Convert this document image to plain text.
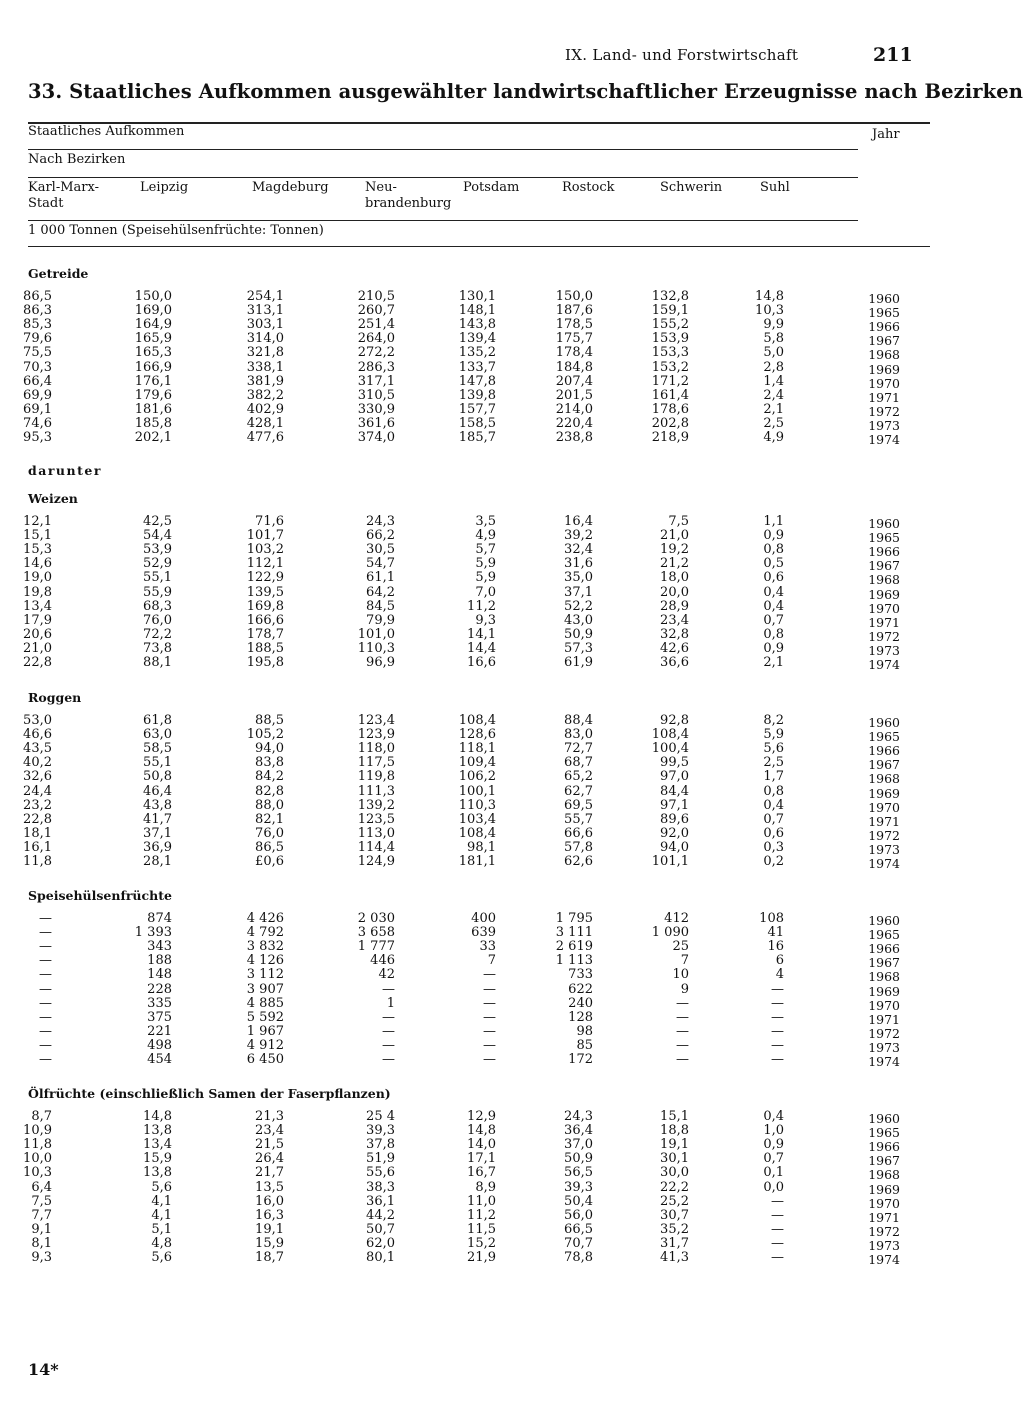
IX. Land- und Forstwirtschaft	211
33. Staatliches Aufkommen ausgewählter landwirtschaftlicher Erzeugnisse nach Bezirken
Staatliches Aufkommen	Jahr
Nach Bezirken
Karl-Marx-
Stadt
Leipzig	Magdeburg	Neu-
brandenburg
Potsdam	Rostock	Schwerin	Suhl
1 000 Tonnen (Speisehülsenfrüchte: Tonnen)
darunter
Getreide
86,5	150,0	254,1	210,5	130,1	150,0	132,8	14,8	1960
86,3	169,0	313,1	260,7	148,1	187,6	159,1	10,3	1965
85,3	164,9	303,1	251,4	143,8	178,5	155,2	9,9	1966
79,6	165,9	314,0	264,0	139,4	175,7	153,9	5,8	1967
75,5	165,3	321,8	272,2	135,2	178,4	153,3	5,0	1968
70,3	166,9	338,1	286,3	133,7	184,8	153,2	2,8	1969
66,4	176,1	381,9	317,1	147,8	207,4	171,2	1,4	1970
69,9	179,6	382,2	310,5	139,8	201,5	161,4	2,4	1971
69,1	181,6	402,9	330,9	157,7	214,0	178,6	2,1	1972
74,6	185,8	428,1	361,6	158,5	220,4	202,8	2,5	1973
95,3	202,1	477,6	374,0	185,7	238,8	218,9	4,9	1974
Weizen
12,1	42,5	71,6	24,3	3,5	16,4	7,5	1,1	1960
15,1	54,4	101,7	66,2	4,9	39,2	21,0	0,9	1965
15,3	53,9	103,2	30,5	5,7	32,4	19,2	0,8	1966
14,6	52,9	112,1	54,7	5,9	31,6	21,2	0,5	1967
19,0	55,1	122,9	61,1	5,9	35,0	18,0	0,6	1968
19,8	55,9	139,5	64,2	7,0	37,1	20,0	0,4	1969
13,4	68,3	169,8	84,5	11,2	52,2	28,9	0,4	1970
17,9	76,0	166,6	79,9	9,3	43,0	23,4	0,7	1971
20,6	72,2	178,7	101,0	14,1	50,9	32,8	0,8	1972
21,0	73,8	188,5	110,3	14,4	57,3	42,6	0,9	1973
22,8	88,1	195,8	96,9	16,6	61,9	36,6	2,1	1974
Roggen
53,0	61,8	88,5	123,4	108,4	88,4	92,8	8,2	1960
46,6	63,0	105,2	123,9	128,6	83,0	108,4	5,9	1965
43,5	58,5	94,0	118,0	118,1	72,7	100,4	5,6	1966
40,2	55,1	83,8	117,5	109,4	68,7	99,5	2,5	1967
32,6	50,8	84,2	119,8	106,2	65,2	97,0	1,7	1968
24,4	46,4	82,8	111,3	100,1	62,7	84,4	0,8	1969
23,2	43,8	88,0	139,2	110,3	69,5	97,1	0,4	1970
22,8	41,7	82,1	123,5	103,4	55,7	89,6	0,7	1971
18,1	37,1	76,0	113,0	108,4	66,6	92,0	0,6	1972
16,1	36,9	86,5	114,4	98,1	57,8	94,0	0,3	1973
11,8	28,1	£0,6	124,9	181,1	62,6	101,1	0,2	1974
Speisehülsenfrüchte
—	874	4 426	2 030	400	1 795	412	108	1960
—	1 393	4 792	3 658	639	3 111	1 090	41	1965
—	343	3 832	1 777	33	2 619	25	16	1966
—	188	4 126	446	7	1 113	7	6	1967
—	148	3 112	42	—	733	10	4	1968
—	228	3 907	—	—	622	9	—	1969
—	335	4 885	1	—	240	—	—	1970
—	375	5 592	—	—	128	—	—	1971
—	221	1 967	—	—	98	—	—	1972
—	498	4 912	—	—	85	—	—	1973
—	454	6 450	—	—	172	—	—	1974
Ölfrüchte (einschließlich Samen der Faserpflanzen)
8,7	14,8	21,3	25 4	12,9	24,3	15,1	0,4	1960
10,9	13,8	23,4	39,3	14,8	36,4	18,8	1,0	1965
11,8	13,4	21,5	37,8	14,0	37,0	19,1	0,9	1966
10,0	15,9	26,4	51,9	17,1	50,9	30,1	0,7	1967
10,3	13,8	21,7	55,6	16,7	56,5	30,0	0,1	1968
6,4	5,6	13,5	38,3	8,9	39,3	22,2	0,0	1969
7,5	4,1	16,0	36,1	11,0	50,4	25,2	—	1970
7,7	4,1	16,3	44,2	11,2	56,0	30,7	—	1971
9,1	5,1	19,1	50,7	11,5	66,5	35,2	—	1972
8,1	4,8	15,9	62,0	15,2	70,7	31,7	—	1973
9,3	5,6	18,7	80,1	21,9	78,8	41,3	—	1974
14*
